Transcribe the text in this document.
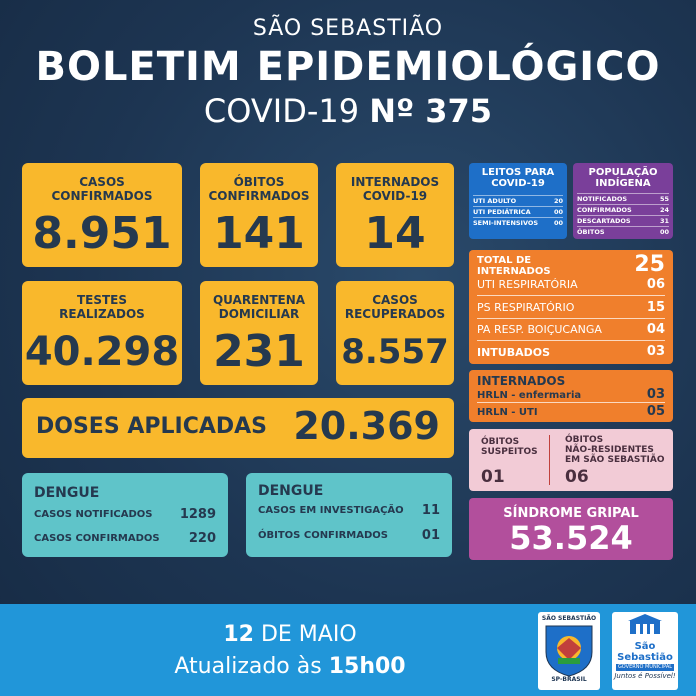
SÃO SEBASTIÃO
BOLETIM EPIDEMIOLÓGICO
COVID-19 Nº 375
CASOS
CONFIRMADOS
8.951
ÓBITOS
CONFIRMADOS
141
INTERNADOS
COVID-19
14
TESTES
REALIZADOS
40.298
QUARENTENA
DOMICILIAR
231
CASOS
RECUPERADOS
8.557
DOSES APLICADAS 20.369
DENGUE
CASOS NOTIFICADOS 1289
CASOS CONFIRMADOS 220
DENGUE
CASOS EM INVESTIGAÇÃO 11
ÓBITOS CONFIRMADOS	01
LEITOS PARA
COVID-19
UTI ADULTO	20
UTI PEDIÁTRICA	00
SEMI-INTENSIVOS 00
POPULAÇÃO
INDÍGENA
NOTIFICADOS	55
CONFIRMADOS	24
DESCARTADOS	31
ÓBITOS	00
TOTAL DE
INTERNADOS	25
UTI RESPIRATÓRIA	06
PS RESPIRATÓRIO	15
PA RESP. BOIÇUCANGA	04
INTUBADOS	03
INTERNADOS
HRLN - enfermaria	03
HRLN - UTI	05
ÓBITOS
SUSPEITOS
01
ÓBITOS
NÃO-RESIDENTES
EM SÃO SEBASTIÃO
06
SÍNDROME GRIPAL
53.524
12 DE MAIO
Atualizado às 15h00
SÃO SEBASTIÃO
SP-BRASIL
São
Sebastião
GOVERNO MUNICIPAL
Juntos é Possível!
